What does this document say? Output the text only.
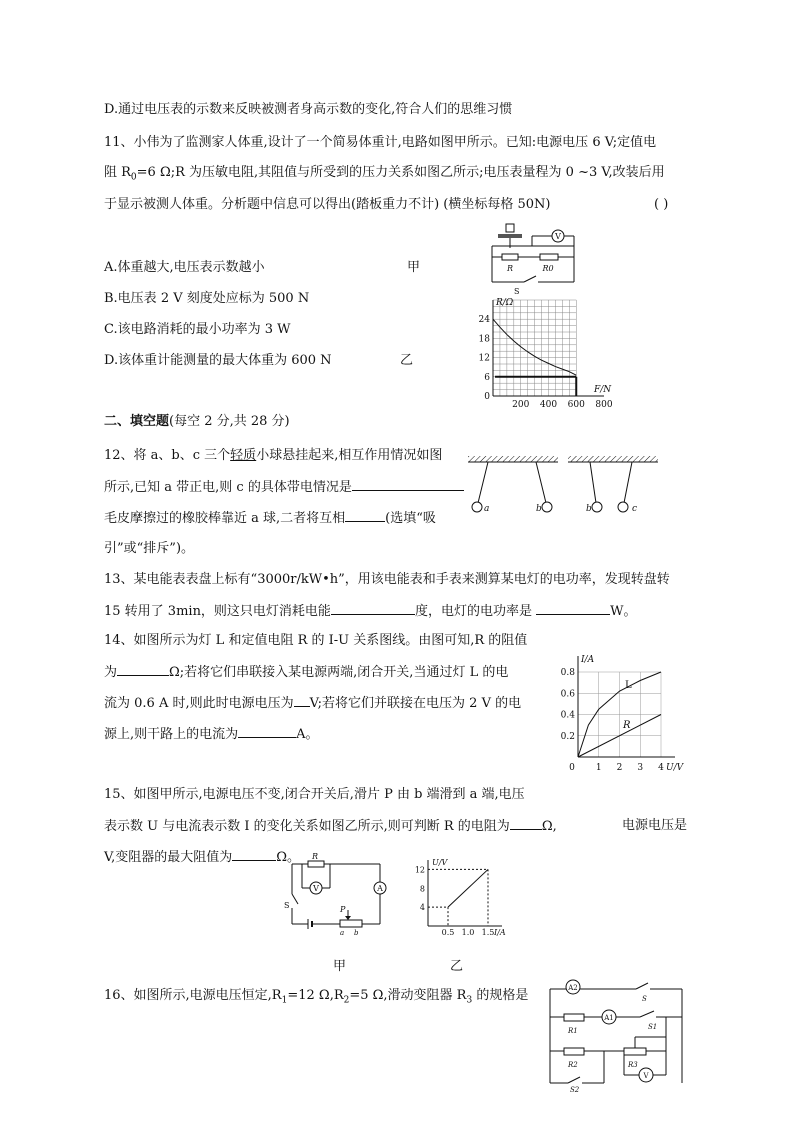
D.通过电压表的示数来反映被测者身高示数的变化,符合人们的思维习惯
11、小伟为了监测家人体重,设计了一个简易体重计,电路如图甲所示。已知:电源电压 6 V;定值电
阻 $R_0=6$ Ω;R 为压敏电阻,其阻值与所受到的压力关系如图乙所示;电压表量程为 0 ~3 V,改装后用
于显示被测人体重。分析题中信息可以得出(踏板重力不计) (横坐标每格 50N)	( )
A.体重越大,电压表示数越小	甲
B.电压表 2 V 刻度处应标为 500 N
C.该电路消耗的最小功率为 3 W
D.该体重计能测量的最大体重为 600 N	乙
二、填空题(每空 2 分,共 28 分)
12、将 a、b、c 三个轻质小球悬挂起来,相互作用情况如图
所示,已知 a 带正电,则 c 的具体带电情况是
毛皮摩擦过的橡胶棒靠近 a 球,二者将互相	(选填“吸
引”或“排斥”)。
13、某电能表表盘上标有“3000r/kW•h”，用该电能表和手表来测算某电灯的电功率，发现转盘转
15 转用了 3min，则这只电灯消耗电能	度，电灯的电功率是	W。
14、如图所示为灯 L 和定值电阻 R 的 I-U 关系图线。由图可知,R 的阻值
为	Ω;若将它们串联接入某电源两端,闭合开关,当通过灯 L 的电
流为 0.6 A 时,则此时电源电压为 V;若将它们并联接在电压为 2 V 的电
源上,则干路上的电流为	A。
15、如图甲所示,电源电压不变,闭合开关后,滑片 P 由 b 端滑到 a 端,电压
表示数 U 与电流表示数 I 的变化关系如图乙所示,则可判断 R 的电阻为 Ω,	电源电压是
V,变阻器的最大阻值为	Ω。
甲	乙
16、如图所示,电源电压恒定$,R_1=12$ $\Omega,R_2=5$ Ω,滑动变阻器 $R_3$ 的规格是
V
R	R0
S
R/Ω
F/N
24
18
12
6
0
200 400 600 800
a	b	b	c
I/A
U/V
0.8
0.6
0.4
0.2
0 1 2 3 4
L
R
R
V	A
S	P
a b
U/V
I/A
12
8
4
0.5 1.0 1.5
A2
S
R1
A1
S1
R2	R3
V
S2
